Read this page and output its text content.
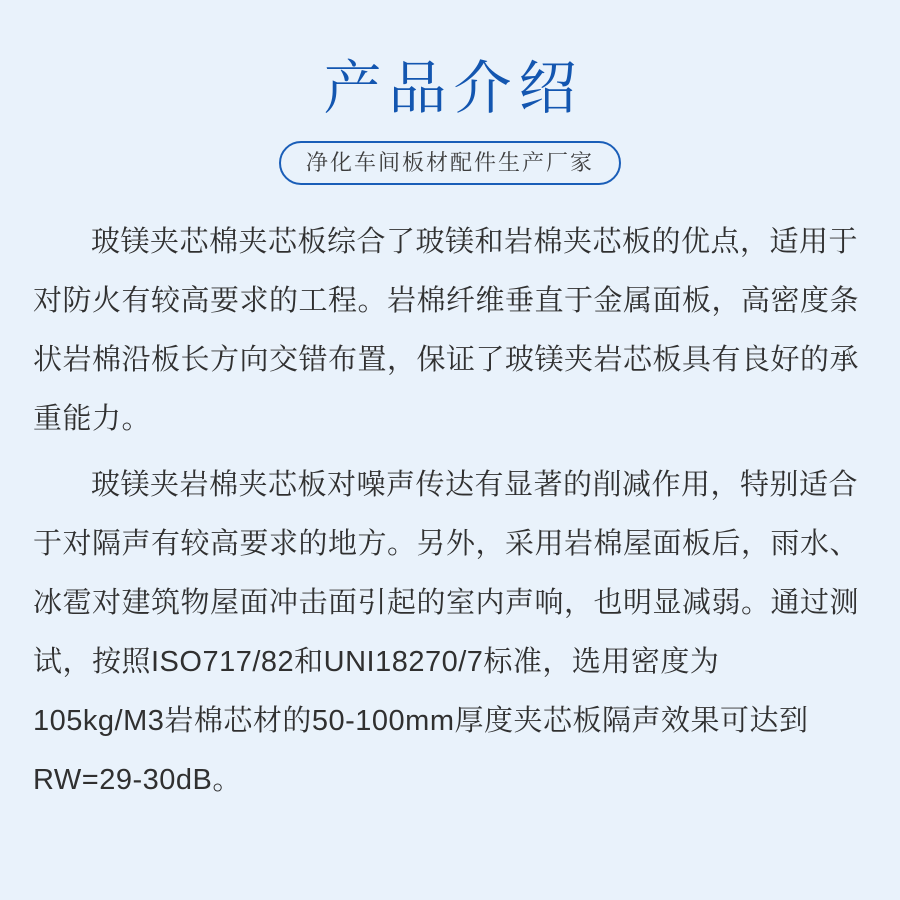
产品介绍
净化车间板材配件生产厂家
玻镁夹芯棉夹芯板综合了玻镁和岩棉夹芯板的优点，适用于
对防火有较高要求的工程。岩棉纤维垂直于金属面板，高密度条
状岩棉沿板长方向交错布置，保证了玻镁夹岩芯板具有良好的承
重能力。
玻镁夹岩棉夹芯板对噪声传达有显著的削减作用，特别适合
于对隔声有较高要求的地方。另外，采用岩棉屋面板后，雨水、
冰雹对建筑物屋面冲击面引起的室内声响，也明显减弱。通过测
试，按照ISO717/82和UNI18270/7标准，选用密度为
105kg/M3岩棉芯材的50-100mm厚度夹芯板隔声效果可达到
RW=29-30dB。
